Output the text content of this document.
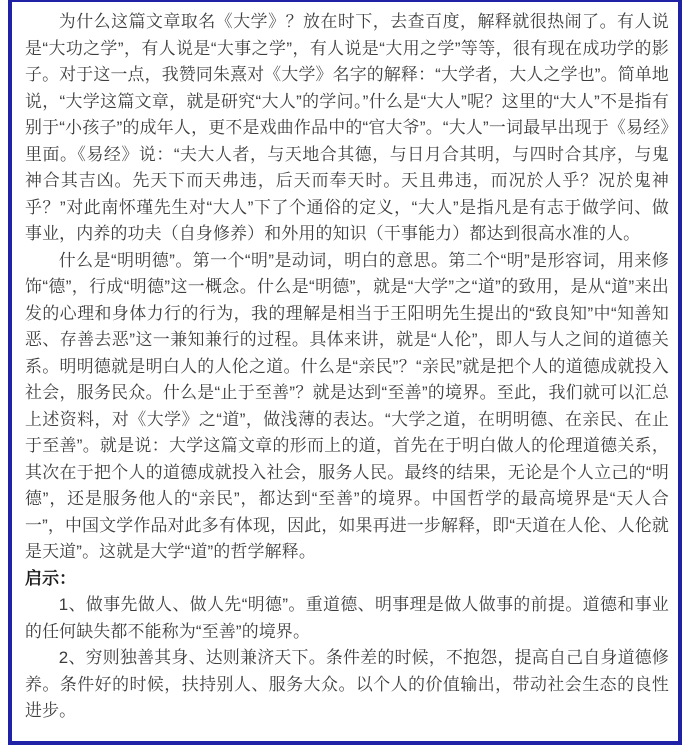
为什么这篇文章取名《大学》？放在时下，去查百度，解释就很热闹了。有人说是“大功之学”，有人说是“大事之学”，有人说是“大用之学”等等，很有现在成功学的影子。对于这一点，我赞同朱熹对《大学》名字的解释：“大学者，大人之学也”。简单地说，“大学这篇文章，就是研究“大人”的学问。”什么是“大人”呢？这里的“大人”不是指有别于“小孩子”的成年人，更不是戏曲作品中的“官大爷”。“大人”一词最早出现于《易经》里面。《易经》说：“夫大人者，与天地合其德，与日月合其明，与四时合其序，与鬼神合其吉凶。先天下而天弗违，后天而奉天时。天且弗违，而况於人乎？况於鬼神乎？”对此南怀瑾先生对“大人”下了个通俗的定义，“大人”是指凡是有志于做学问、做事业，内养的功夫（自身修养）和外用的知识（干事能力）都达到很高水准的人。

什么是“明明德”。第一个“明”是动词，明白的意思。第二个“明”是形容词，用来修饰“德”，行成“明德”这一概念。什么是“明德”，就是“大学”之“道”的致用，是从“道”来出发的心理和身体力行的行为，我的理解是相当于王阳明先生提出的“致良知”中“知善知恶、存善去恶”这一兼知兼行的过程。具体来讲，就是“人伦”，即人与人之间的道德关系。明明德就是明白人的人伦之道。什么是“亲民”？“亲民”就是把个人的道德成就投入社会，服务民众。什么是“止于至善”？就是达到“至善”的境界。至此，我们就可以汇总上述资料，对《大学》之“道”，做浅薄的表达。“大学之道，在明明德、在亲民、在止于至善”。就是说：大学这篇文章的形而上的道，首先在于明白做人的伦理道德关系，其次在于把个人的道德成就投入社会，服务人民。最终的结果，无论是个人立己的“明德”，还是服务他人的“亲民”，都达到“至善”的境界。中国哲学的最高境界是“天人合一”，中国文学作品对此多有体现，因此，如果再进一步解释，即“天道在人伦、人伦就是天道”。这就是大学“道”的哲学解释。

启示：

1、做事先做人、做人先“明德”。重道德、明事理是做人做事的前提。道德和事业的任何缺失都不能称为“至善”的境界。

2、穷则独善其身、达则兼济天下。条件差的时候，不抱怨，提高自己自身道德修养。条件好的时候，扶持别人、服务大众。以个人的价值输出，带动社会生态的良性进步。
